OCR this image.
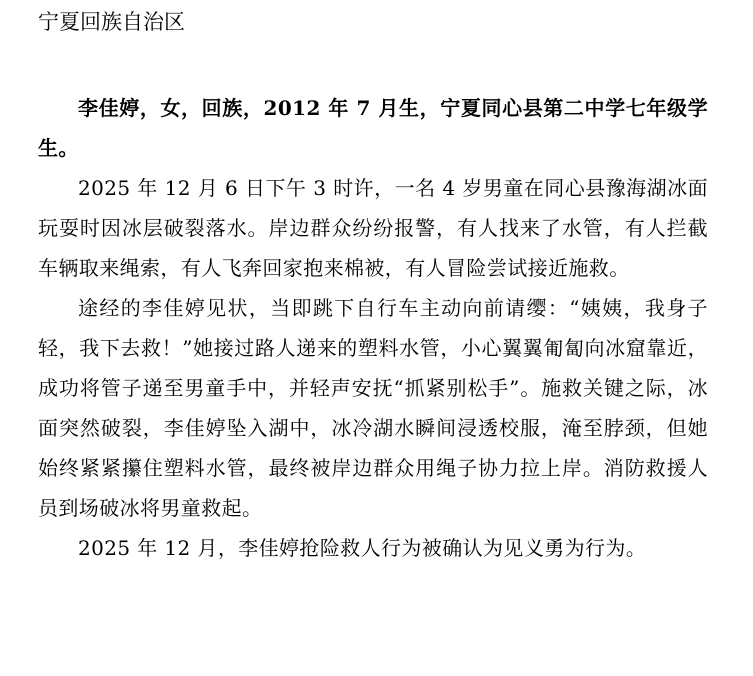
宁夏回族自治区

李佳婷，女，回族，2012 年 7 月生，宁夏同心县第二中学七年级学生。

2025 年 12 月 6 日下午 3 时许，一名 4 岁男童在同心县豫海湖冰面玩耍时因冰层破裂落水。岸边群众纷纷报警，有人找来了水管，有人拦截车辆取来绳索，有人飞奔回家抱来棉被，有人冒险尝试接近施救。

途经的李佳婷见状，当即跳下自行车主动向前请缨：“姨姨，我身子轻，我下去救！”她接过路人递来的塑料水管，小心翼翼匍匐向冰窟靠近，成功将管子递至男童手中，并轻声安抚“抓紧别松手”。施救关键之际，冰面突然破裂，李佳婷坠入湖中，冰冷湖水瞬间浸透校服，淹至脖颈，但她始终紧紧攥住塑料水管，最终被岸边群众用绳子协力拉上岸。消防救援人员到场破冰将男童救起。

2025 年 12 月，李佳婷抢险救人行为被确认为见义勇为行为。
